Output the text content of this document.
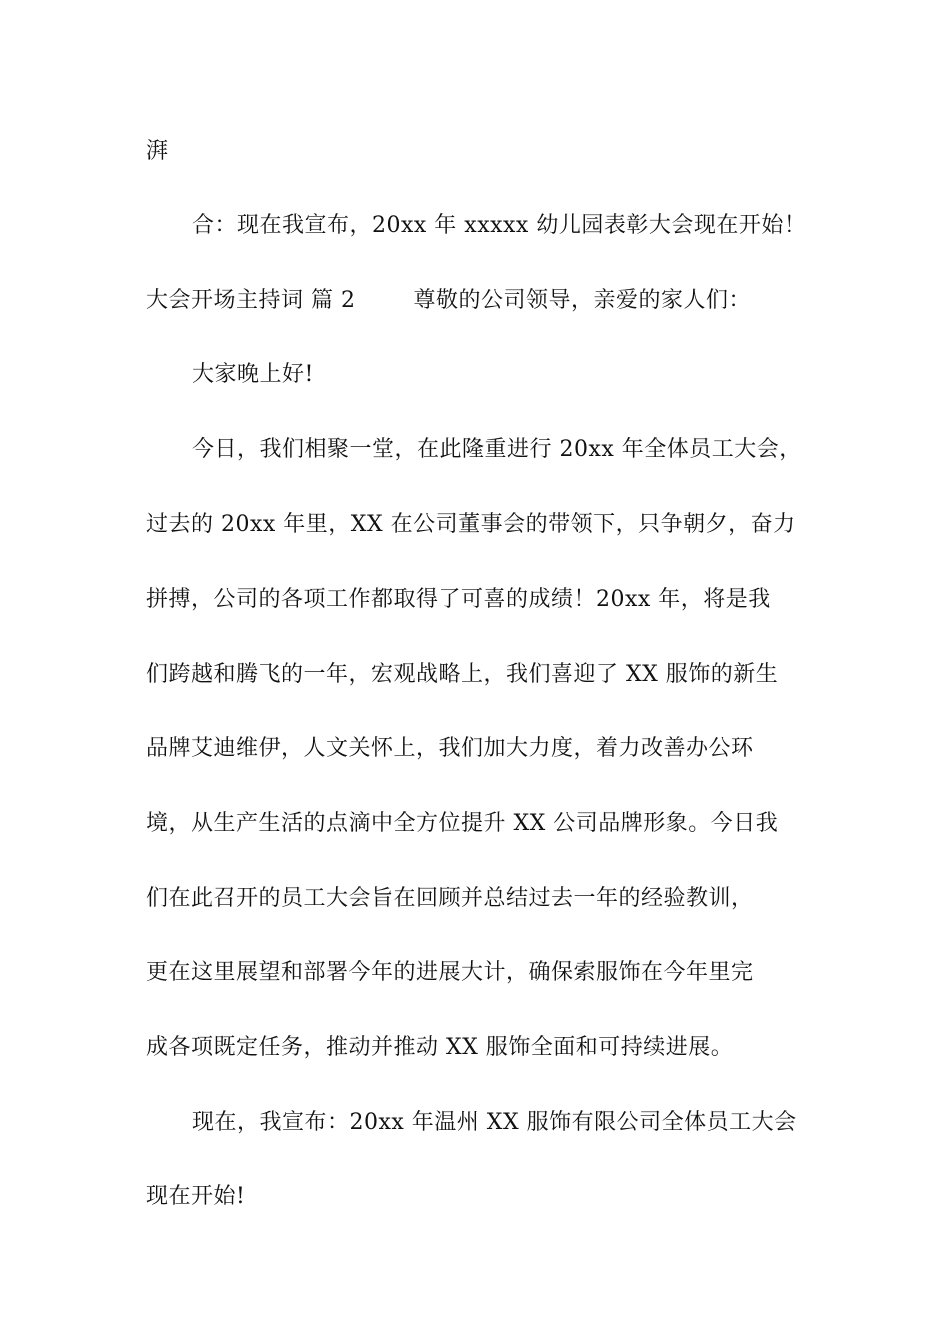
湃
合：现在我宣布，20xx 年 xxxxx 幼儿园表彰大会现在开始！
大会开场主持词 篇 2	尊敬的公司领导，亲爱的家人们：
大家晚上好!
今日，我们相聚一堂，在此隆重进行 20xx 年全体员工大会，
过去的 20xx 年里，XX 在公司董事会的带领下，只争朝夕，奋力
拼搏，公司的各项工作都取得了可喜的成绩！20xx 年，将是我
们跨越和腾飞的一年，宏观战略上，我们喜迎了 XX 服饰的新生
品牌艾迪维伊，人文关怀上，我们加大力度，着力改善办公环
境，从生产生活的点滴中全方位提升 XX 公司品牌形象。今日我
们在此召开的员工大会旨在回顾并总结过去一年的经验教训，
更在这里展望和部署今年的进展大计，确保索服饰在今年里完
成各项既定任务，推动并推动 XX 服饰全面和可持续进展。
现在，我宣布：20xx 年温州 XX 服饰有限公司全体员工大会
现在开始!
